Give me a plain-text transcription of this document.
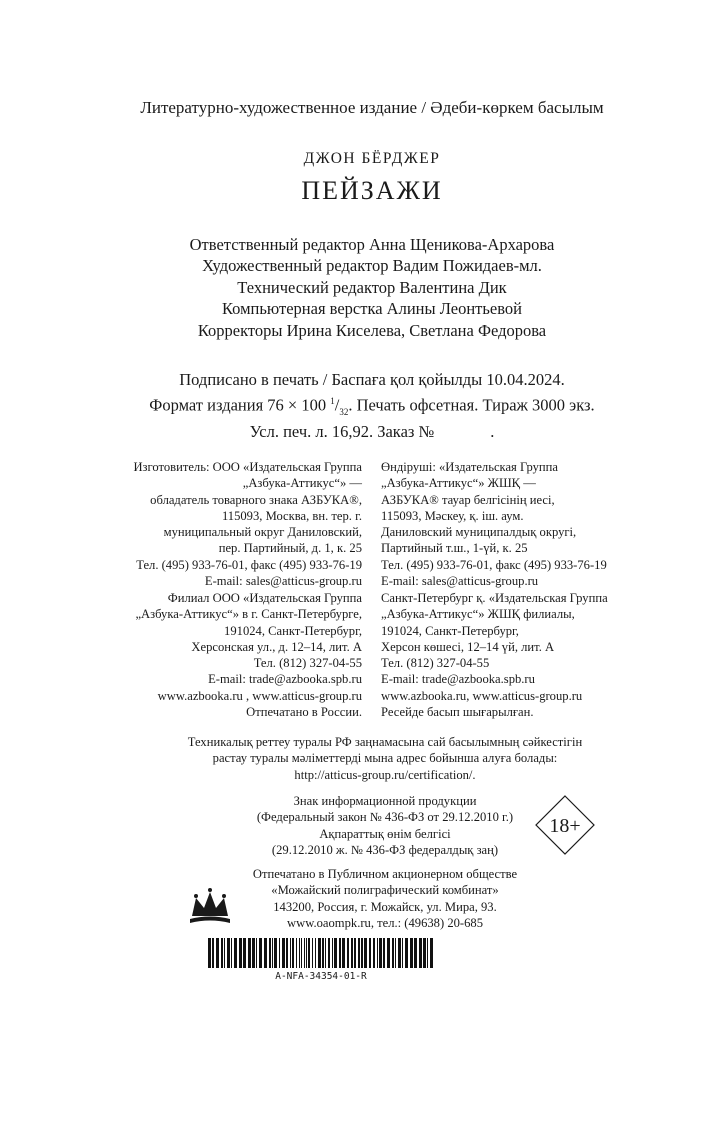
Литературно-художественное издание / Әдеби-көркем басылым
ДЖОН БЁРДЖЕР
ПЕЙЗАЖИ
Ответственный редактор Анна Щеникова-Архарова
Художественный редактор Вадим Пожидаев-мл.
Технический редактор Валентина Дик
Компьютерная верстка Алины Леонтьевой
Корректоры Ирина Киселева, Светлана Федорова
Подписано в печать / Баспаға қол қойылды 10.04.2024.
Формат издания 76 × 100 $^1/_{32}$. Печать офсетная. Тираж 3000 экз.
Усл. печ. л. 16,92. Заказ №	.
Изготовитель: ООО «Издательская Группа
„Азбука-Аттикус“» —
обладатель товарного знака АЗБУКА®,
115093, Москва, вн. тер. г.
муниципальный округ Даниловский,
пер. Партийный, д. 1, к. 25
Тел. (495) 933-76-01, факс (495) 933-76-19
E-mail: sales@atticus-group.ru
Өндіруші: «Издательская Группа
„Азбука-Аттикус“» ЖШҚ —
АЗБУКА® тауар белгісінің иесі,
115093, Мәскеу, қ. іш. аум.
Даниловский муниципалдық округі,
Партийный т.ш., 1-үй, к. 25
Тел. (495) 933-76-01, факс (495) 933-76-19
E-mail: sales@atticus-group.ru
Филиал ООО «Издательская Группа
„Азбука-Аттикус“» в г. Санкт-Петербурге,
191024, Санкт-Петербург,
Херсонская ул., д. 12–14, лит. А
Тел. (812) 327-04-55
E-mail: trade@azbooka.spb.ru
Санкт-Петербург қ. «Издательская Группа
„Азбука-Аттикус“» ЖШҚ филиалы,
191024, Санкт-Петербург,
Херсон көшесі, 12–14 үй, лит. А
Тел. (812) 327-04-55
E-mail: trade@azbooka.spb.ru
www.azbooka.ru , www.atticus-group.ru
Отпечатано в России.
www.azbooka.ru, www.atticus-group.ru
Ресейде басып шығарылған.
Техникалық реттеу туралы РФ заңнамасына сай басылымның сәйкестігін
растау туралы мәліметтерді мына адрес бойынша алуға болады:
http://atticus-group.ru/certification/.
Знак информационной продукции
(Федеральный закон № 436-ФЗ от 29.12.2010 г.)
Ақпараттық өнім белгісі
(29.12.2010 ж. № 436-ФЗ федералдық заң)
18+
Отпечатано в Публичном акционерном обществе
«Можайский полиграфический комбинат»
143200, Россия, г. Можайск, ул. Мира, 93.
www.oaompk.ru, тел.: (49638) 20-685
A-NFA-34354-01-R
